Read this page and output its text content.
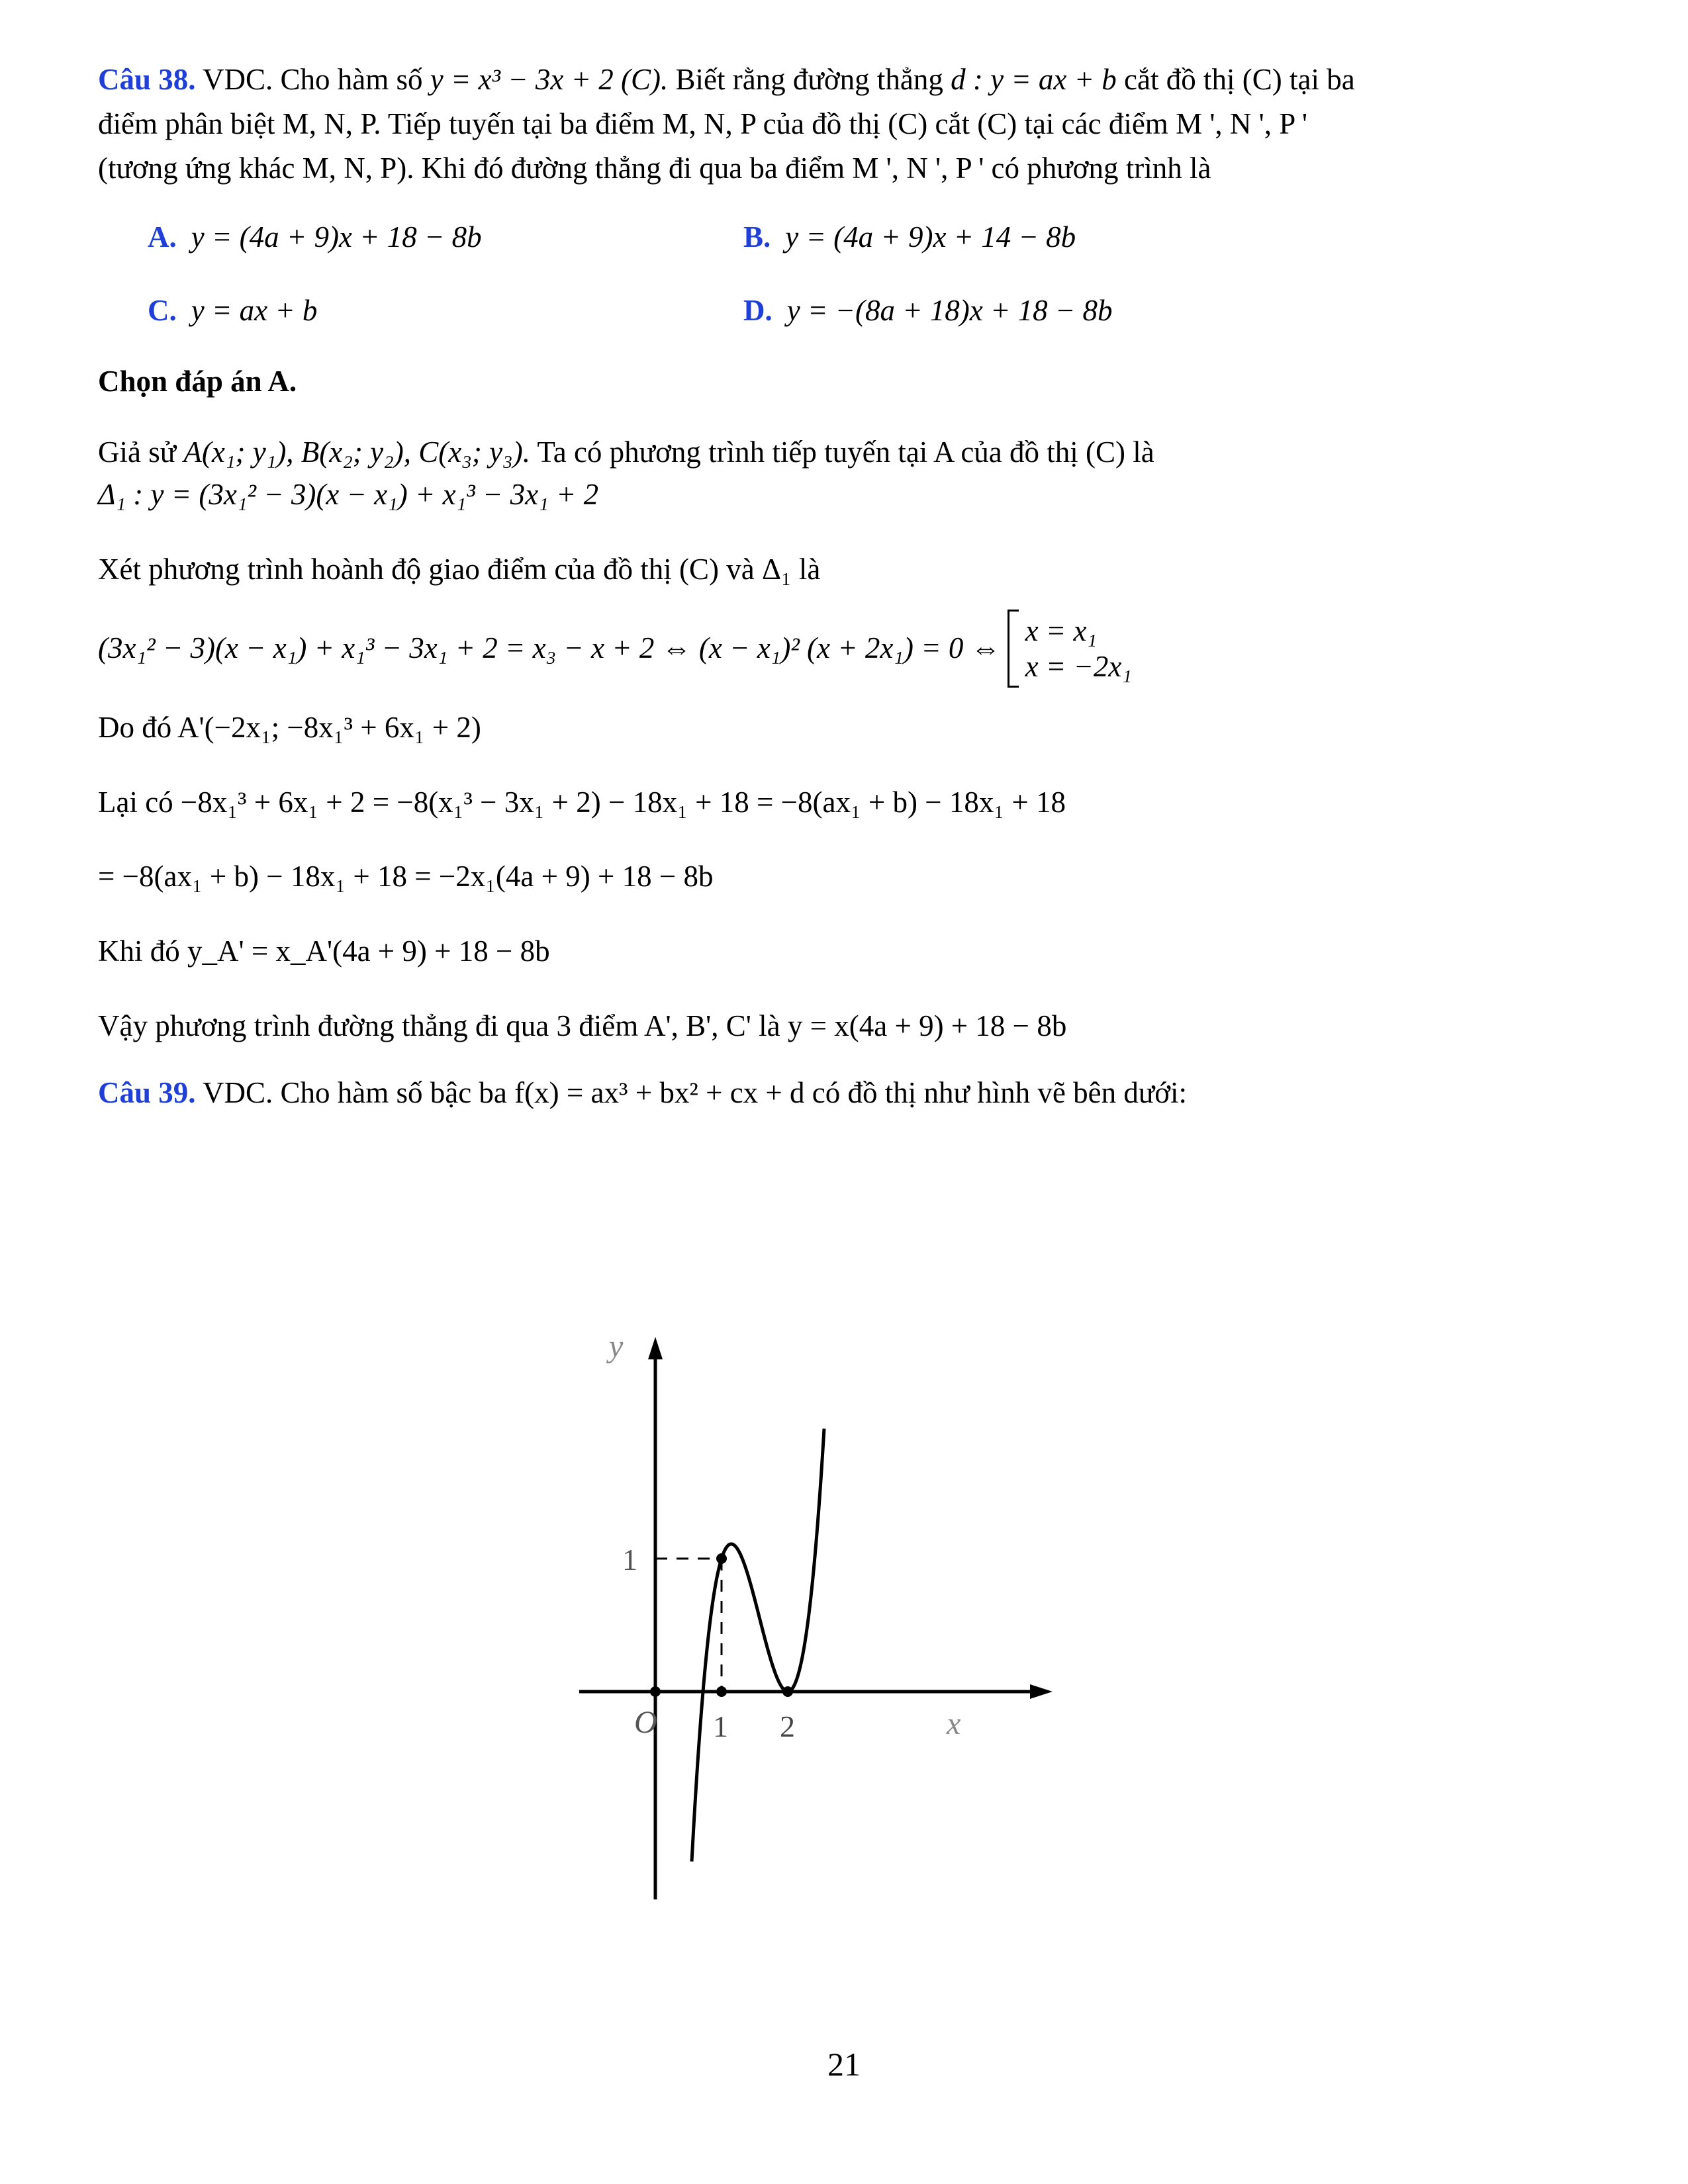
Câu 38. VDC. Cho hàm số y = x³ − 3x + 2 (C). Biết rằng đường thẳng d : y = ax + b cắt đồ thị (C) tại ba

điểm phân biệt M, N, P. Tiếp tuyến tại ba điểm M, N, P của đồ thị (C) cắt (C) tại các điểm M ', N ', P '

(tương ứng khác M, N, P). Khi đó đường thẳng đi qua ba điểm M ', N ', P ' có phương trình là

A. y = (4a + 9)x + 18 − 8b	B. y = (4a + 9)x + 14 − 8b
C. y = ax + b	D. y = −(8a + 18)x + 18 − 8b

Chọn đáp án A.

Giả sử A(x₁; y₁), B(x₂; y₂), C(x₃; y₃). Ta có phương trình tiếp tuyến tại A của đồ thị (C) là

Δ₁ : y = (3x₁² − 3)(x − x₁) + x₁³ − 3x₁ + 2

Xét phương trình hoành độ giao điểm của đồ thị (C) và Δ₁ là

(3x₁² − 3)(x − x₁) + x₁³ − 3x₁ + 2 = x₃ − x + 2 ⇔ (x − x₁)² (x + 2x₁) = 0 ⇔
x = x₁
x = −2x₁

Do đó A'(−2x₁; −8x₁³ + 6x₁ + 2)

Lại có −8x₁³ + 6x₁ + 2 = −8(x₁³ − 3x₁ + 2) − 18x₁ + 18 = −8(ax₁ + b) − 18x₁ + 18

= −8(ax₁ + b) − 18x₁ + 18 = −2x₁(4a + 9) + 18 − 8b

Khi đó y_A' = x_A'(4a + 9) + 18 − 8b

Vậy phương trình đường thẳng đi qua 3 điểm A', B', C' là y = x(4a + 9) + 18 − 8b

Câu 39. VDC. Cho hàm số bậc ba f(x) = ax³ + bx² + cx + d có đồ thị như hình vẽ bên dưới:

y
1
O 1 2	x
21
